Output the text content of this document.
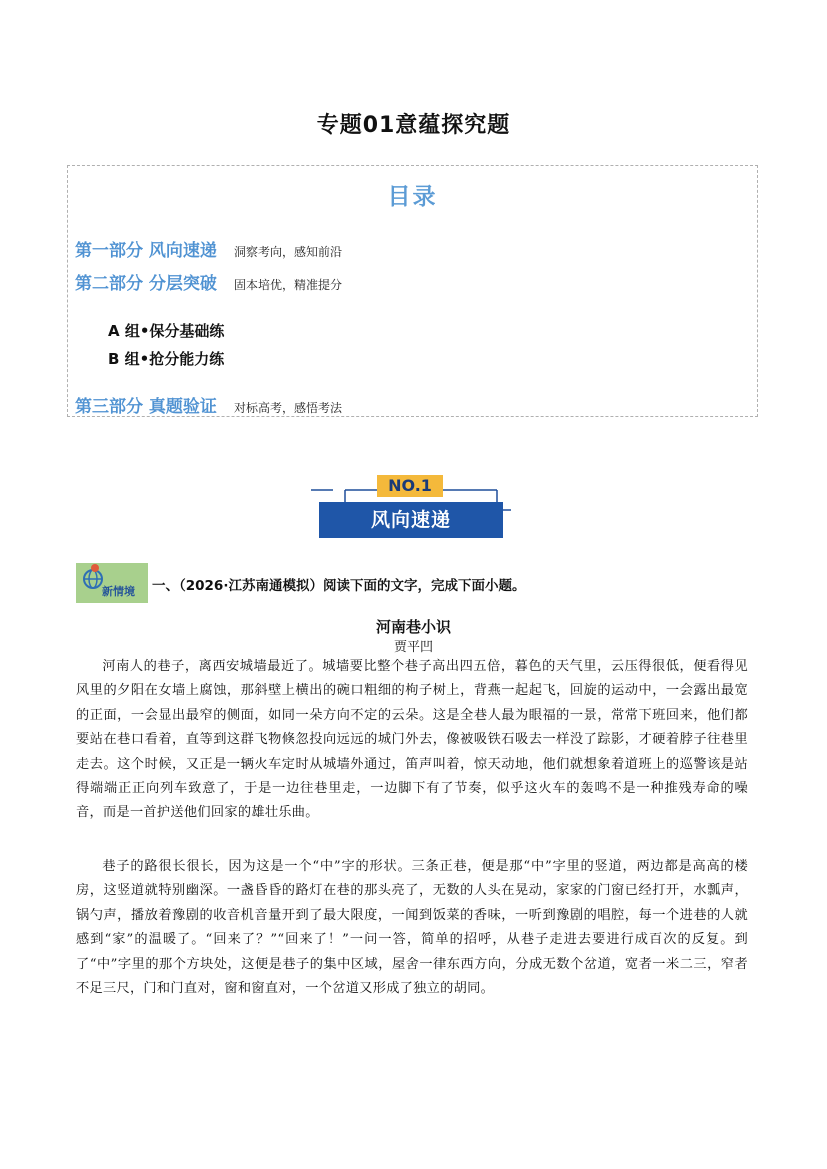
专题01意蕴探究题
目录
第一部分 风向速递 洞察考向，感知前沿
第二部分 分层突破 固本培优，精准提分
A 组•保分基础练
B 组•抢分能力练
第三部分 真题验证 对标高考，感悟考法
NO.1
风向速递
新情境 一、（2026·江苏南通模拟）阅读下面的文字，完成下面小题。
河南巷小识
贾平凹

河南人的巷子，离西安城墙最近了。城墙要比整个巷子高出四五倍，暮色的天气里，云压得很低，便看得见风里的夕阳在女墙上腐蚀，那斜壁上横出的碗口粗细的枸子树上，背燕一起起飞，回旋的运动中，一会露出最宽的正面，一会显出最窄的侧面，如同一朵方向不定的云朵。这是全巷人最为眼福的一景，常常下班回来，他们都要站在巷口看着，直等到这群飞物倏忽投向远远的城门外去，像被吸铁石吸去一样没了踪影，才硬着脖子往巷里走去。这个时候，又正是一辆火车定时从城墙外通过，笛声叫着，惊天动地，他们就想象着道班上的巡警该是站得端端正正向列车致意了，于是一边往巷里走，一边脚下有了节奏，似乎这火车的轰鸣不是一种推残寿命的噪音，而是一首护送他们回家的雄壮乐曲。

巷子的路很长很长，因为这是一个“中”字的形状。三条正巷，便是那“中”字里的竖道，两边都是高高的楼房，这竖道就特别幽深。一盏昏昏的路灯在巷的那头亮了，无数的人头在晃动，家家的门窗已经打开，水瓢声，锅勺声，播放着豫剧的收音机音量开到了最大限度，一闻到饭菜的香味，一听到豫剧的唱腔，每一个进巷的人就感到“家”的温暖了。“回来了？”“回来了！”一问一答，简单的招呼，从巷子走进去要进行成百次的反复。到了“中”字里的那个方块处，这便是巷子的集中区域，屋舍一律东西方向，分成无数个岔道，宽者一米二三，窄者不足三尺，门和门直对，窗和窗直对，一个岔道又形成了独立的胡同。
